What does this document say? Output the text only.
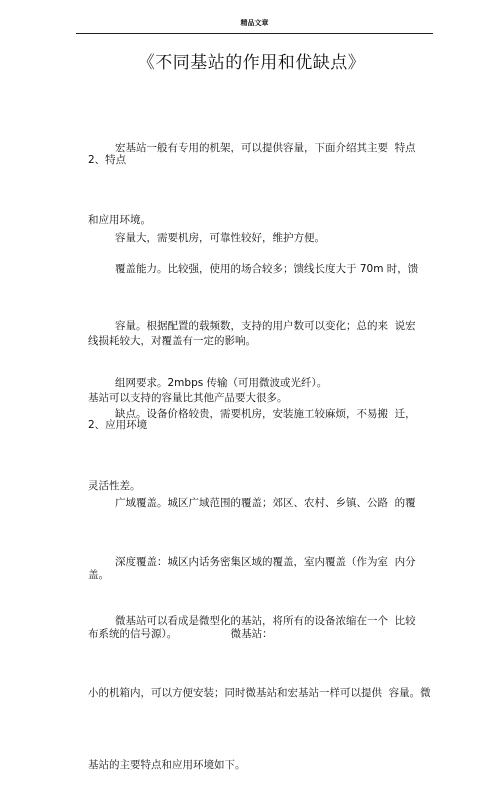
精品文章
《不同基站的作用和优缺点》

宏基站一般有专用的机架，可以提供容量，下面介绍其主要  特点

和应用环境。

2、特点

容量大，需要机房，可靠性较好，维护方便。

覆盖能力。比较强，使用的场合较多；馈线长度大于 70m 时，馈

线损耗较大，对覆盖有一定的影响。

容量。根据配置的载频数，支持的用户数可以变化；总的来  说宏

基站可以支持的容量比其他产品要大很多。

组网要求。2mbps 传输（可用微波或光纤）。

缺点。设备价格较贵，需要机房，安装施工较麻烦，不易搬  迁，

灵活性差。

2、应用环境

广域覆盖。城区广域范围的覆盖；郊区、农村、乡镇、公路  的覆

盖。

深度覆盖：城区内话务密集区域的覆盖，室内覆盖（作为室  内分

布系统的信号源）。                微基站：

微基站可以看成是微型化的基站，将所有的设备浓缩在一个  比较

小的机箱内，可以方便安装；同时微基站和宏基站一样可以提供  容量。微

基站的主要特点和应用环境如下。
